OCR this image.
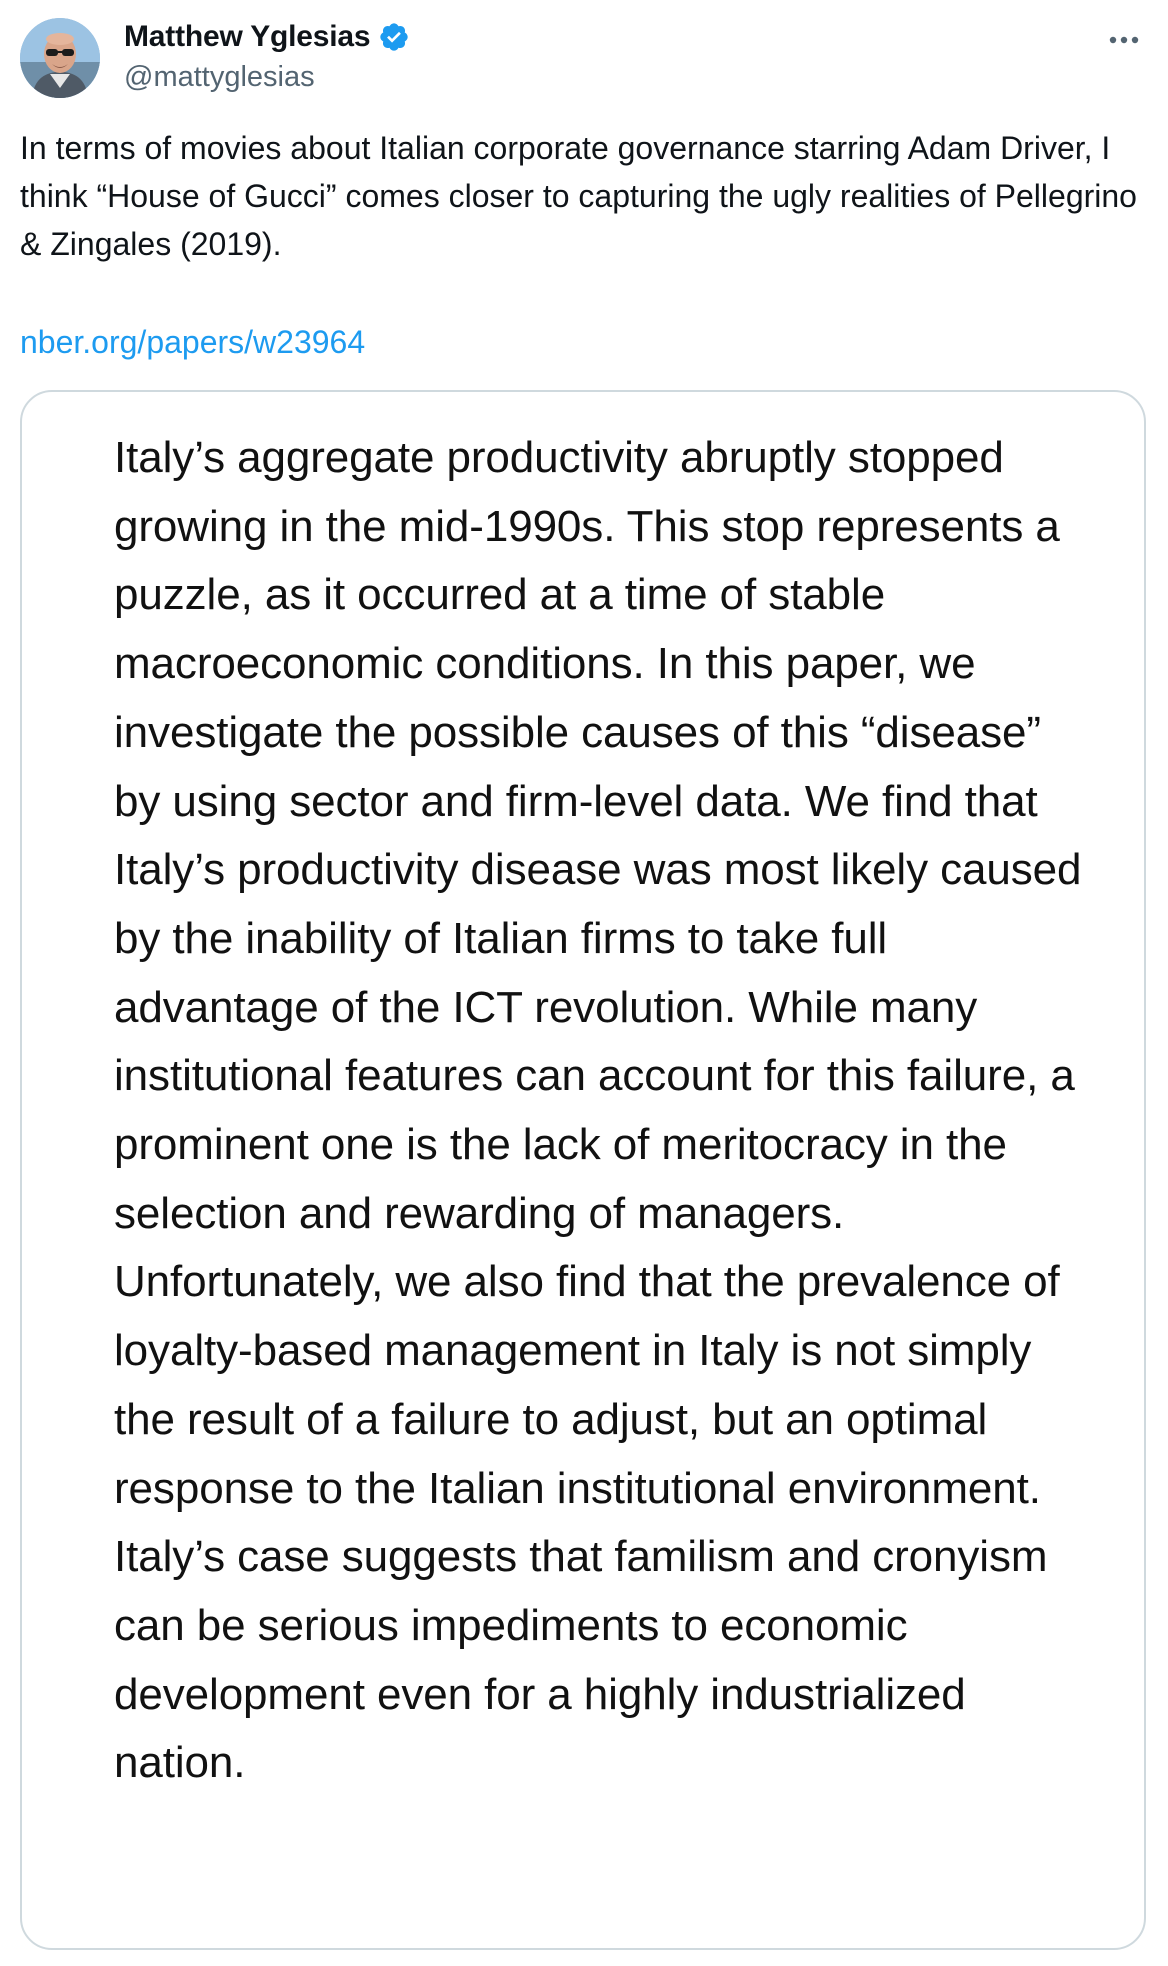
Matthew Yglesias
@mattyglesias

In terms of movies about Italian corporate governance starring Adam Driver, I think “House of Gucci” comes closer to capturing the ugly realities of Pellegrino & Zingales (2019).

nber.org/papers/w23964

Italy’s aggregate productivity abruptly stopped growing in the mid-1990s. This stop represents a puzzle, as it occurred at a time of stable macroeconomic conditions. In this paper, we investigate the possible causes of this “disease” by using sector and firm-level data. We find that Italy’s productivity disease was most likely caused by the inability of Italian firms to take full advantage of the ICT revolution. While many institutional features can account for this failure, a prominent one is the lack of meritocracy in the selection and rewarding of managers. Unfortunately, we also find that the prevalence of loyalty-based management in Italy is not simply the result of a failure to adjust, but an optimal response to the Italian institutional environment. Italy’s case suggests that familism and cronyism can be serious impediments to economic development even for a highly industrialized nation.
